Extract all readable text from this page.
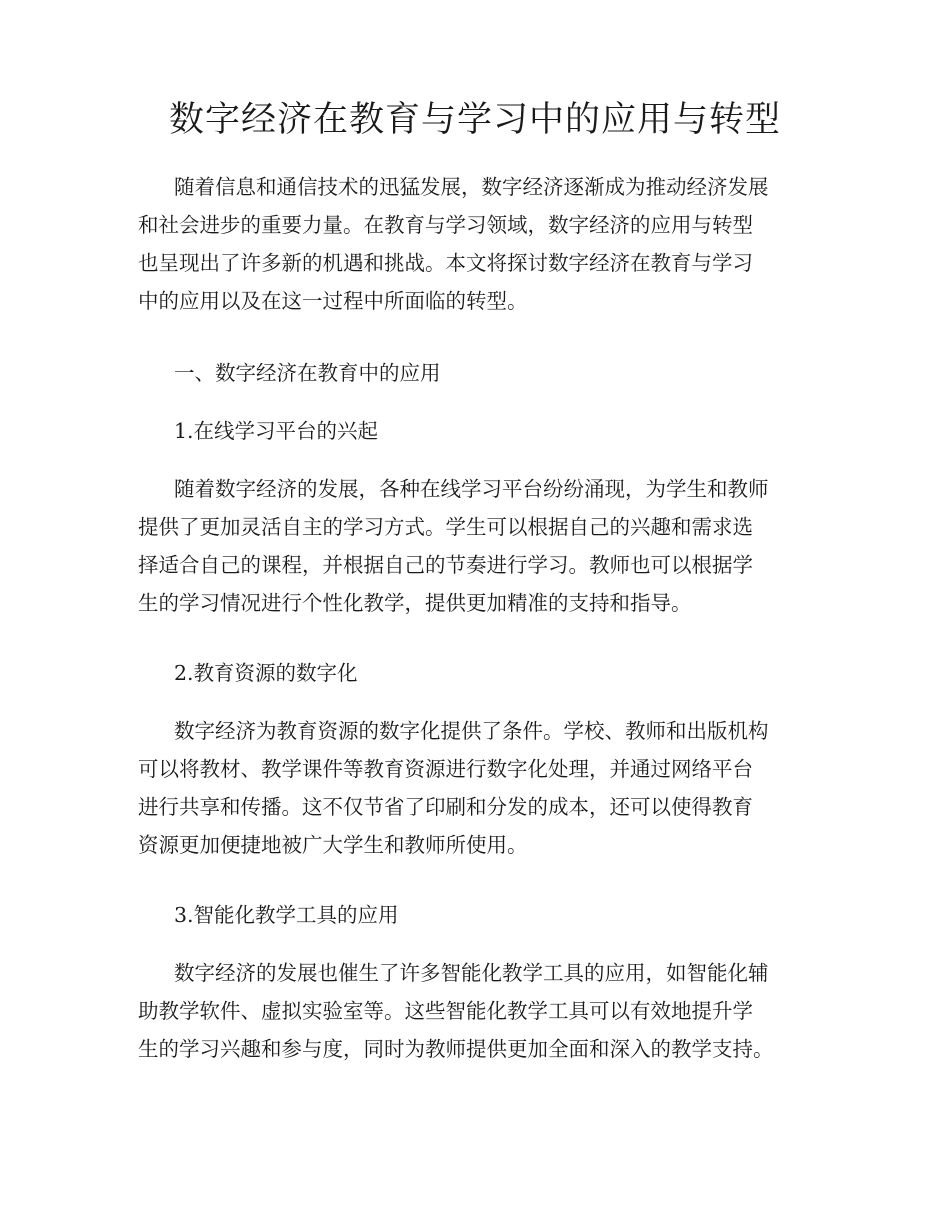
数字经济在教育与学习中的应用与转型
随着信息和通信技术的迅猛发展，数字经济逐渐成为推动经济发展
和社会进步的重要力量。在教育与学习领域，数字经济的应用与转型
也呈现出了许多新的机遇和挑战。本文将探讨数字经济在教育与学习
中的应用以及在这一过程中所面临的转型。
一、数字经济在教育中的应用
1.在线学习平台的兴起
随着数字经济的发展，各种在线学习平台纷纷涌现，为学生和教师
提供了更加灵活自主的学习方式。学生可以根据自己的兴趣和需求选
择适合自己的课程，并根据自己的节奏进行学习。教师也可以根据学
生的学习情况进行个性化教学，提供更加精准的支持和指导。
2.教育资源的数字化
数字经济为教育资源的数字化提供了条件。学校、教师和出版机构
可以将教材、教学课件等教育资源进行数字化处理，并通过网络平台
进行共享和传播。这不仅节省了印刷和分发的成本，还可以使得教育
资源更加便捷地被广大学生和教师所使用。
3.智能化教学工具的应用
数字经济的发展也催生了许多智能化教学工具的应用，如智能化辅
助教学软件、虚拟实验室等。这些智能化教学工具可以有效地提升学
生的学习兴趣和参与度，同时为教师提供更加全面和深入的教学支持。
